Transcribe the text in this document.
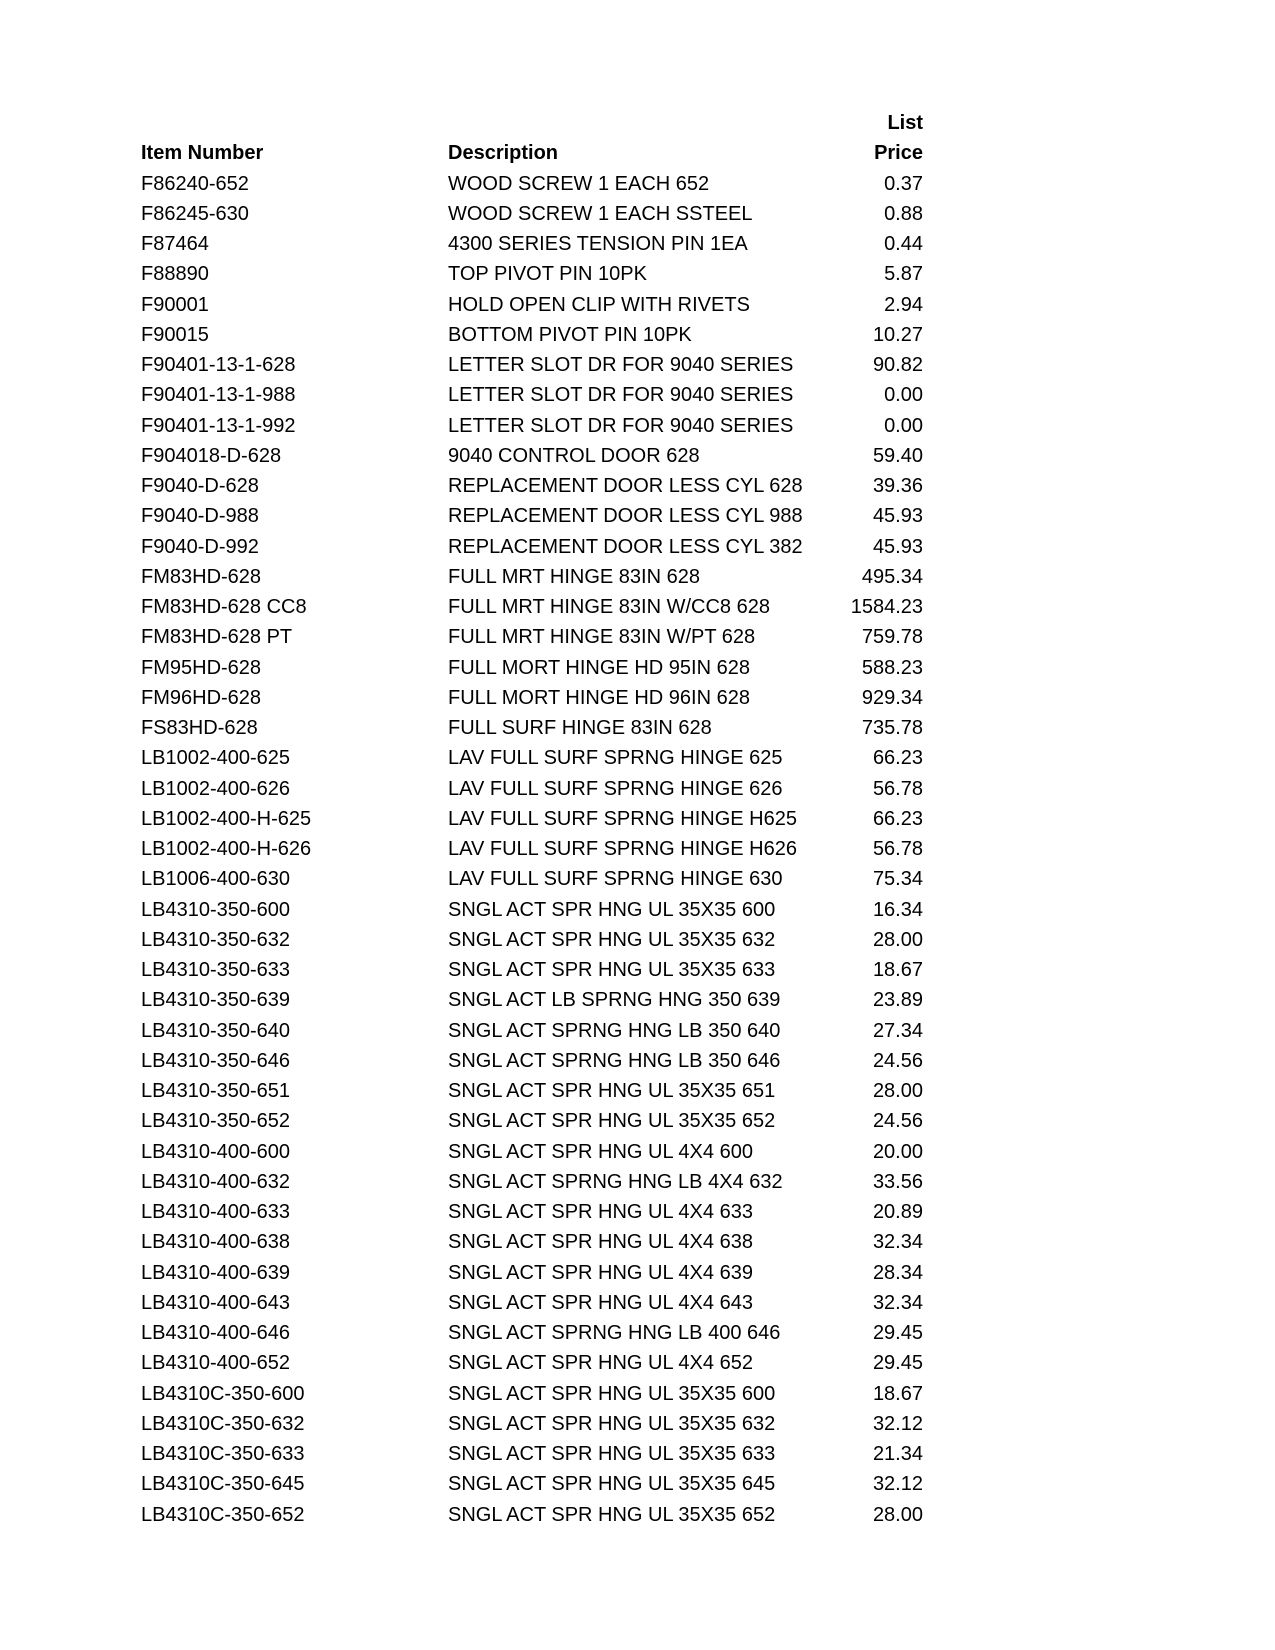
List
Item Number	Description	Price
F86240-652	WOOD SCREW 1 EACH 652	0.37
F86245-630	WOOD SCREW 1 EACH SSTEEL	0.88
F87464	4300 SERIES TENSION PIN 1EA	0.44
F88890	TOP PIVOT PIN 10PK	5.87
F90001	HOLD OPEN CLIP WITH RIVETS	2.94
F90015	BOTTOM PIVOT PIN 10PK	10.27
F90401-13-1-628	LETTER SLOT DR FOR 9040 SERIES	90.82
F90401-13-1-988	LETTER SLOT DR FOR 9040 SERIES	0.00
F90401-13-1-992	LETTER SLOT DR FOR 9040 SERIES	0.00
F904018-D-628	9040 CONTROL DOOR 628	59.40
F9040-D-628	REPLACEMENT DOOR LESS CYL 628	39.36
F9040-D-988	REPLACEMENT DOOR LESS CYL 988	45.93
F9040-D-992	REPLACEMENT DOOR LESS CYL 382	45.93
FM83HD-628	FULL MRT HINGE 83IN 628	495.34
FM83HD-628 CC8	FULL MRT HINGE 83IN W/CC8 628	1584.23
FM83HD-628 PT	FULL MRT HINGE 83IN W/PT 628	759.78
FM95HD-628	FULL MORT HINGE HD 95IN 628	588.23
FM96HD-628	FULL MORT HINGE HD 96IN 628	929.34
FS83HD-628	FULL SURF HINGE 83IN 628	735.78
LB1002-400-625	LAV FULL SURF SPRNG HINGE 625	66.23
LB1002-400-626	LAV FULL SURF SPRNG HINGE 626	56.78
LB1002-400-H-625	LAV FULL SURF SPRNG HINGE H625	66.23
LB1002-400-H-626	LAV FULL SURF SPRNG HINGE H626	56.78
LB1006-400-630	LAV FULL SURF SPRNG HINGE 630	75.34
LB4310-350-600	SNGL ACT SPR HNG UL 35X35 600	16.34
LB4310-350-632	SNGL ACT SPR HNG UL 35X35 632	28.00
LB4310-350-633	SNGL ACT SPR HNG UL 35X35 633	18.67
LB4310-350-639	SNGL ACT LB SPRNG HNG 350 639	23.89
LB4310-350-640	SNGL ACT SPRNG HNG LB 350 640	27.34
LB4310-350-646	SNGL ACT SPRNG HNG LB 350 646	24.56
LB4310-350-651	SNGL ACT SPR HNG UL 35X35 651	28.00
LB4310-350-652	SNGL ACT SPR HNG UL 35X35 652	24.56
LB4310-400-600	SNGL ACT SPR HNG UL 4X4 600	20.00
LB4310-400-632	SNGL ACT SPRNG HNG LB 4X4 632	33.56
LB4310-400-633	SNGL ACT SPR HNG UL 4X4 633	20.89
LB4310-400-638	SNGL ACT SPR HNG UL 4X4 638	32.34
LB4310-400-639	SNGL ACT SPR HNG UL 4X4 639	28.34
LB4310-400-643	SNGL ACT SPR HNG UL 4X4 643	32.34
LB4310-400-646	SNGL ACT SPRNG HNG LB 400 646	29.45
LB4310-400-652	SNGL ACT SPR HNG UL 4X4 652	29.45
LB4310C-350-600	SNGL ACT SPR HNG UL 35X35 600	18.67
LB4310C-350-632	SNGL ACT SPR HNG UL 35X35 632	32.12
LB4310C-350-633	SNGL ACT SPR HNG UL 35X35 633	21.34
LB4310C-350-645	SNGL ACT SPR HNG UL 35X35 645	32.12
LB4310C-350-652	SNGL ACT SPR HNG UL 35X35 652	28.00
